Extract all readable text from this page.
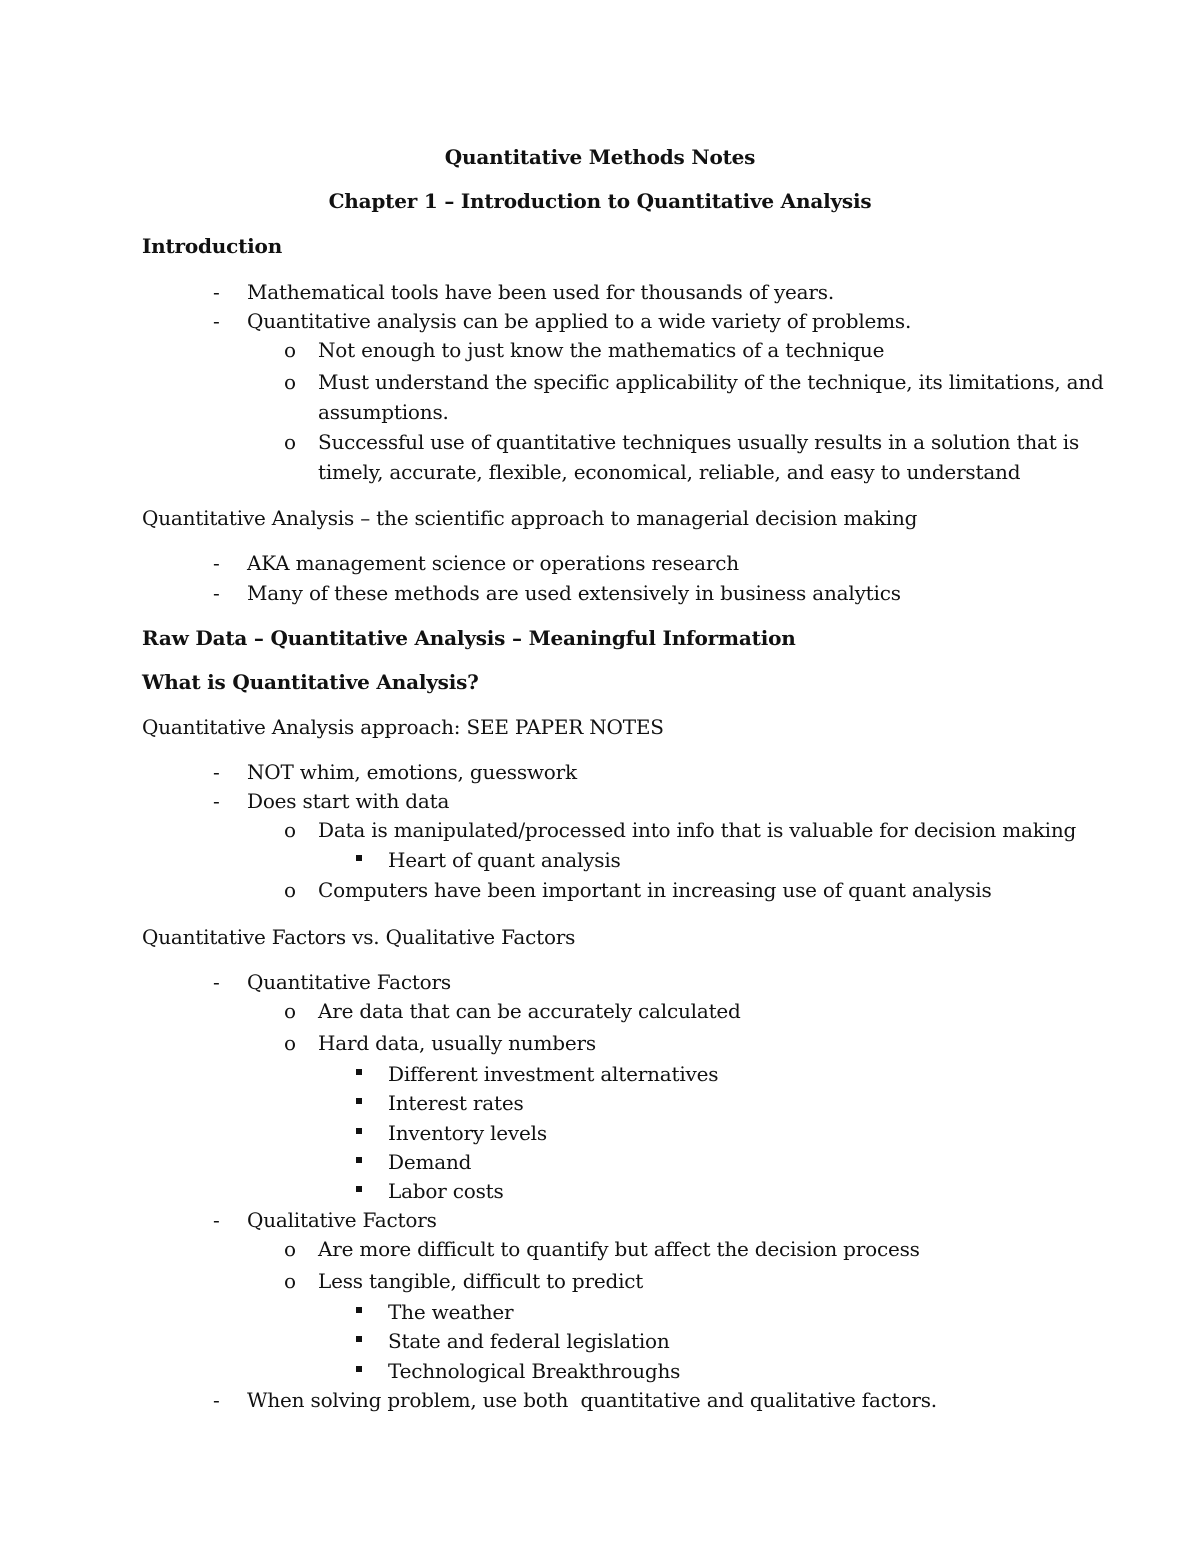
Quantitative Methods Notes
Chapter 1 – Introduction to Quantitative Analysis
Introduction
- Mathematical tools have been used for thousands of years.
- Quantitative analysis can be applied to a wide variety of problems.
o Not enough to just know the mathematics of a technique
o Must understand the specific applicability of the technique, its limitations, and
assumptions.
o Successful use of quantitative techniques usually results in a solution that is
timely, accurate, flexible, economical, reliable, and easy to understand
Quantitative Analysis – the scientific approach to managerial decision making
- AKA management science or operations research
- Many of these methods are used extensively in business analytics
Raw Data – Quantitative Analysis – Meaningful Information
What is Quantitative Analysis?
Quantitative Analysis approach: SEE PAPER NOTES
- NOT whim, emotions, guesswork
- Does start with data
o Data is manipulated/processed into info that is valuable for decision making
Heart of quant analysis
o Computers have been important in increasing use of quant analysis
Quantitative Factors vs. Qualitative Factors
- Quantitative Factors
o Are data that can be accurately calculated
o Hard data, usually numbers
Different investment alternatives
Interest rates
Inventory levels
Demand
Labor costs
- Qualitative Factors
o Are more difficult to quantify but affect the decision process
o Less tangible, difficult to predict
The weather
State and federal legislation
Technological Breakthroughs
- When solving problem, use both  quantitative and qualitative factors.
